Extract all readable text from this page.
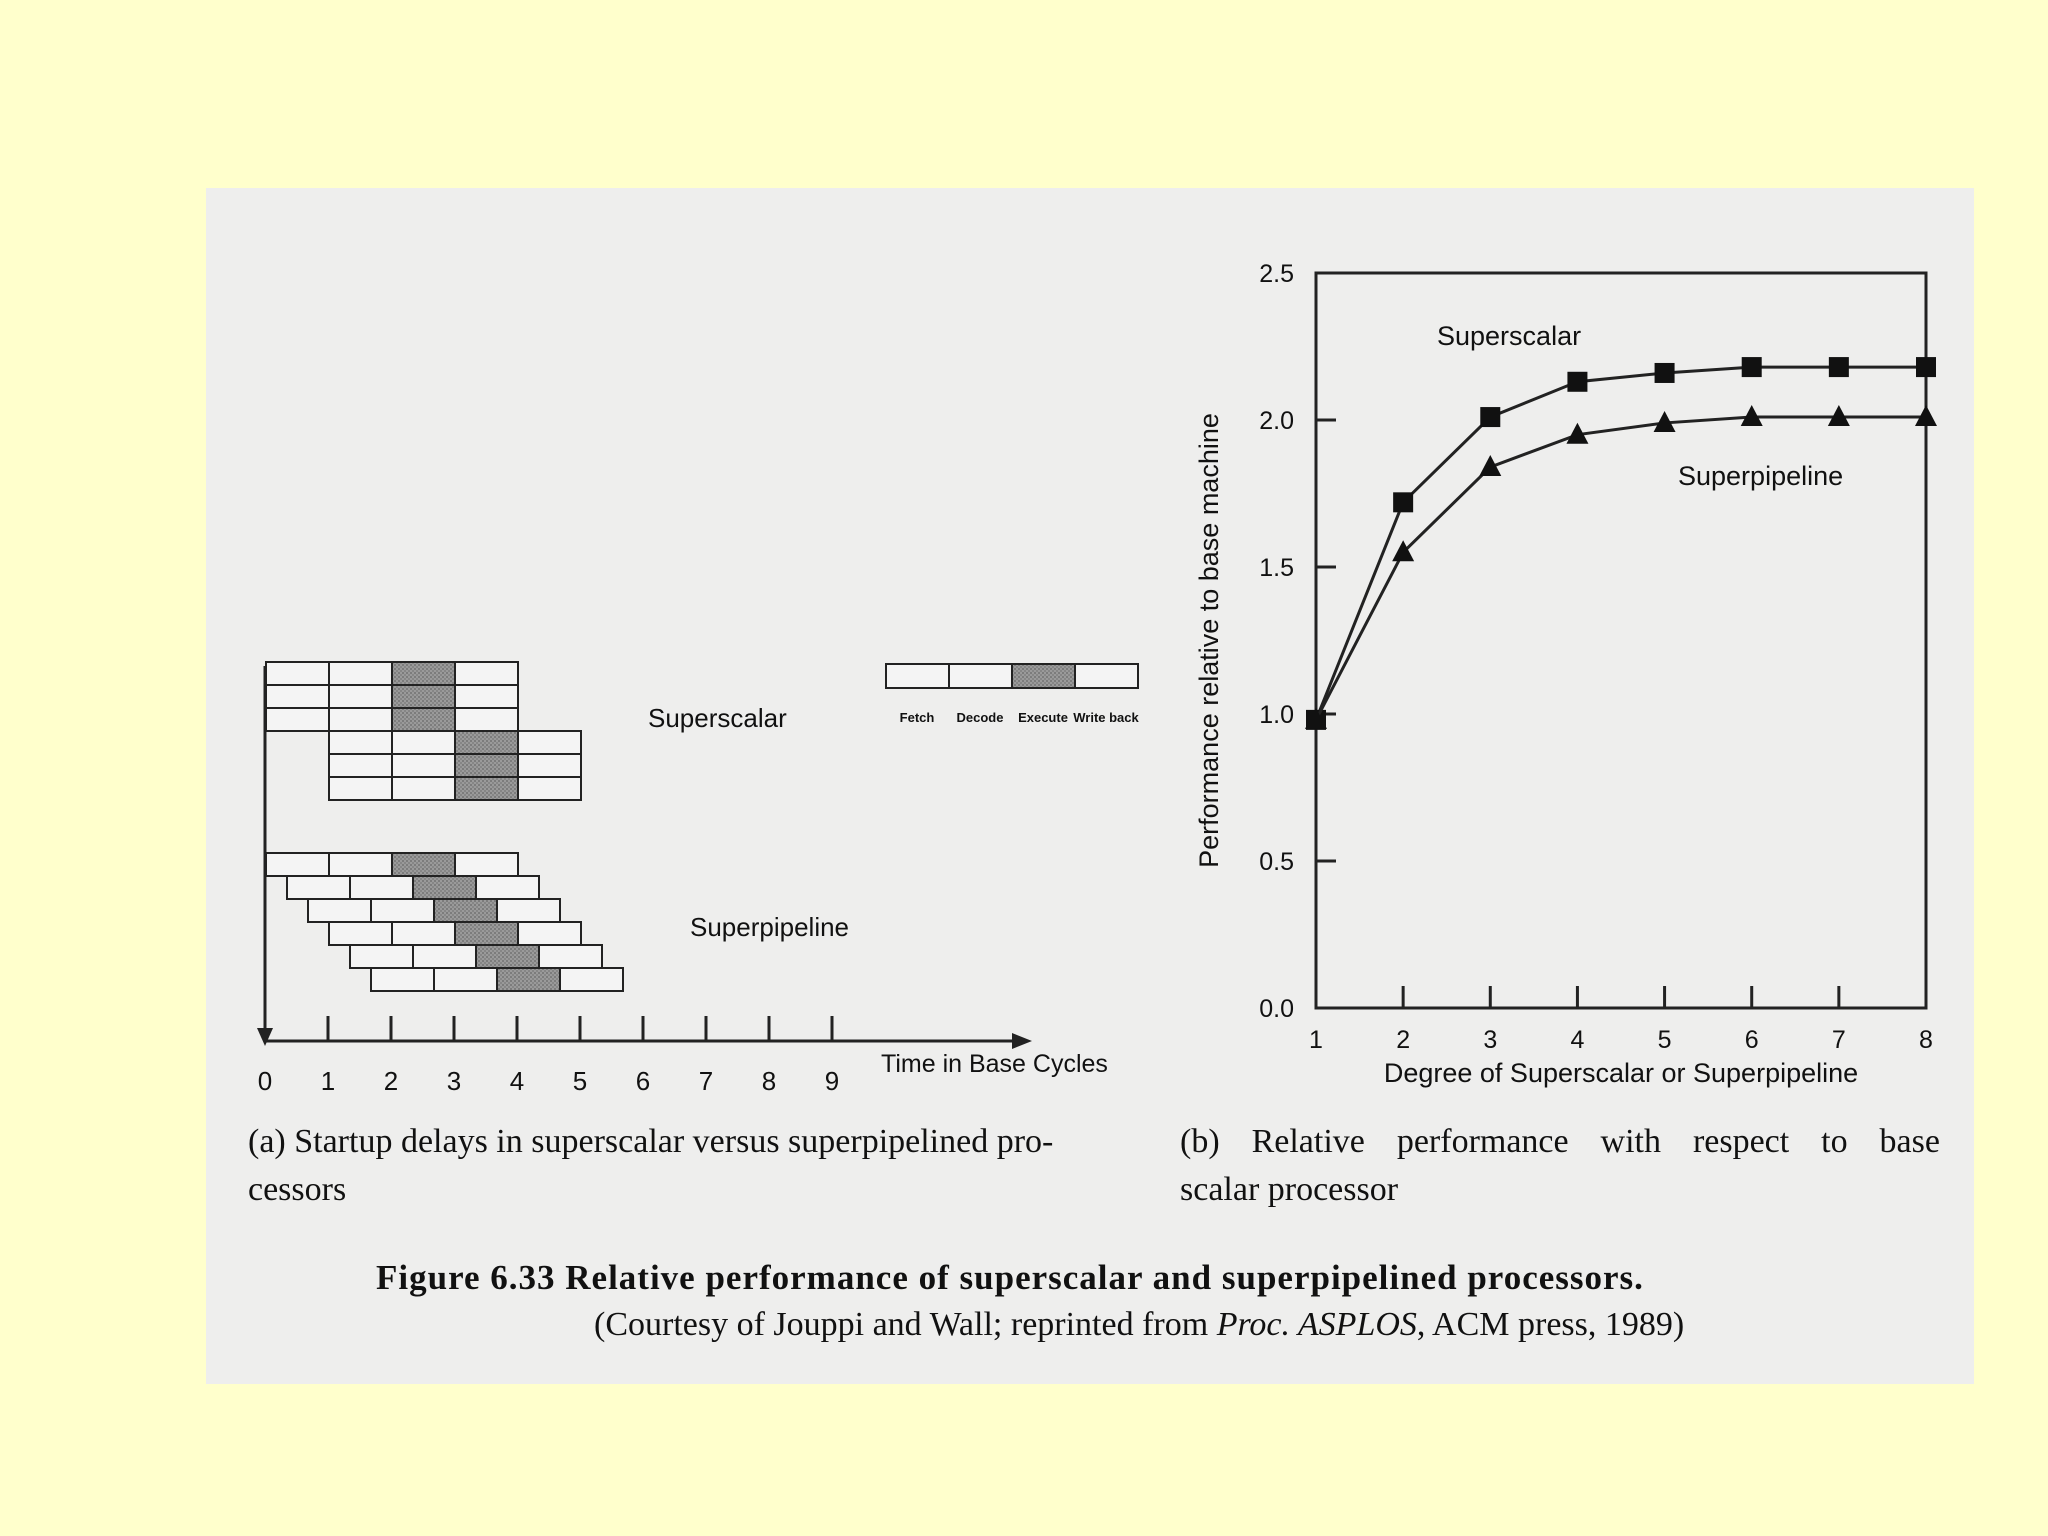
Superscalar
Superpipeline
Time in Base Cycles
Fetch Decode Execute Write back
0 1 2 3 4 5 6 7 8 9
0.0
0.5
1.0
1.5
2.0
2.5
1	2	3	4	5	6	7	8
Degree of Superscalar or Superpipeline
Performance relative to base machine
Superscalar
Superpipeline
(a) Startup delays in superscalar versus superpipelined pro-
cessors
(b) Relative performance with respect to base
scalar processor
Figure 6.33 Relative performance of superscalar and superpipelined processors.
(Courtesy of Jouppi and Wall; reprinted from Proc. ASPLOS, ACM press, 1989)
